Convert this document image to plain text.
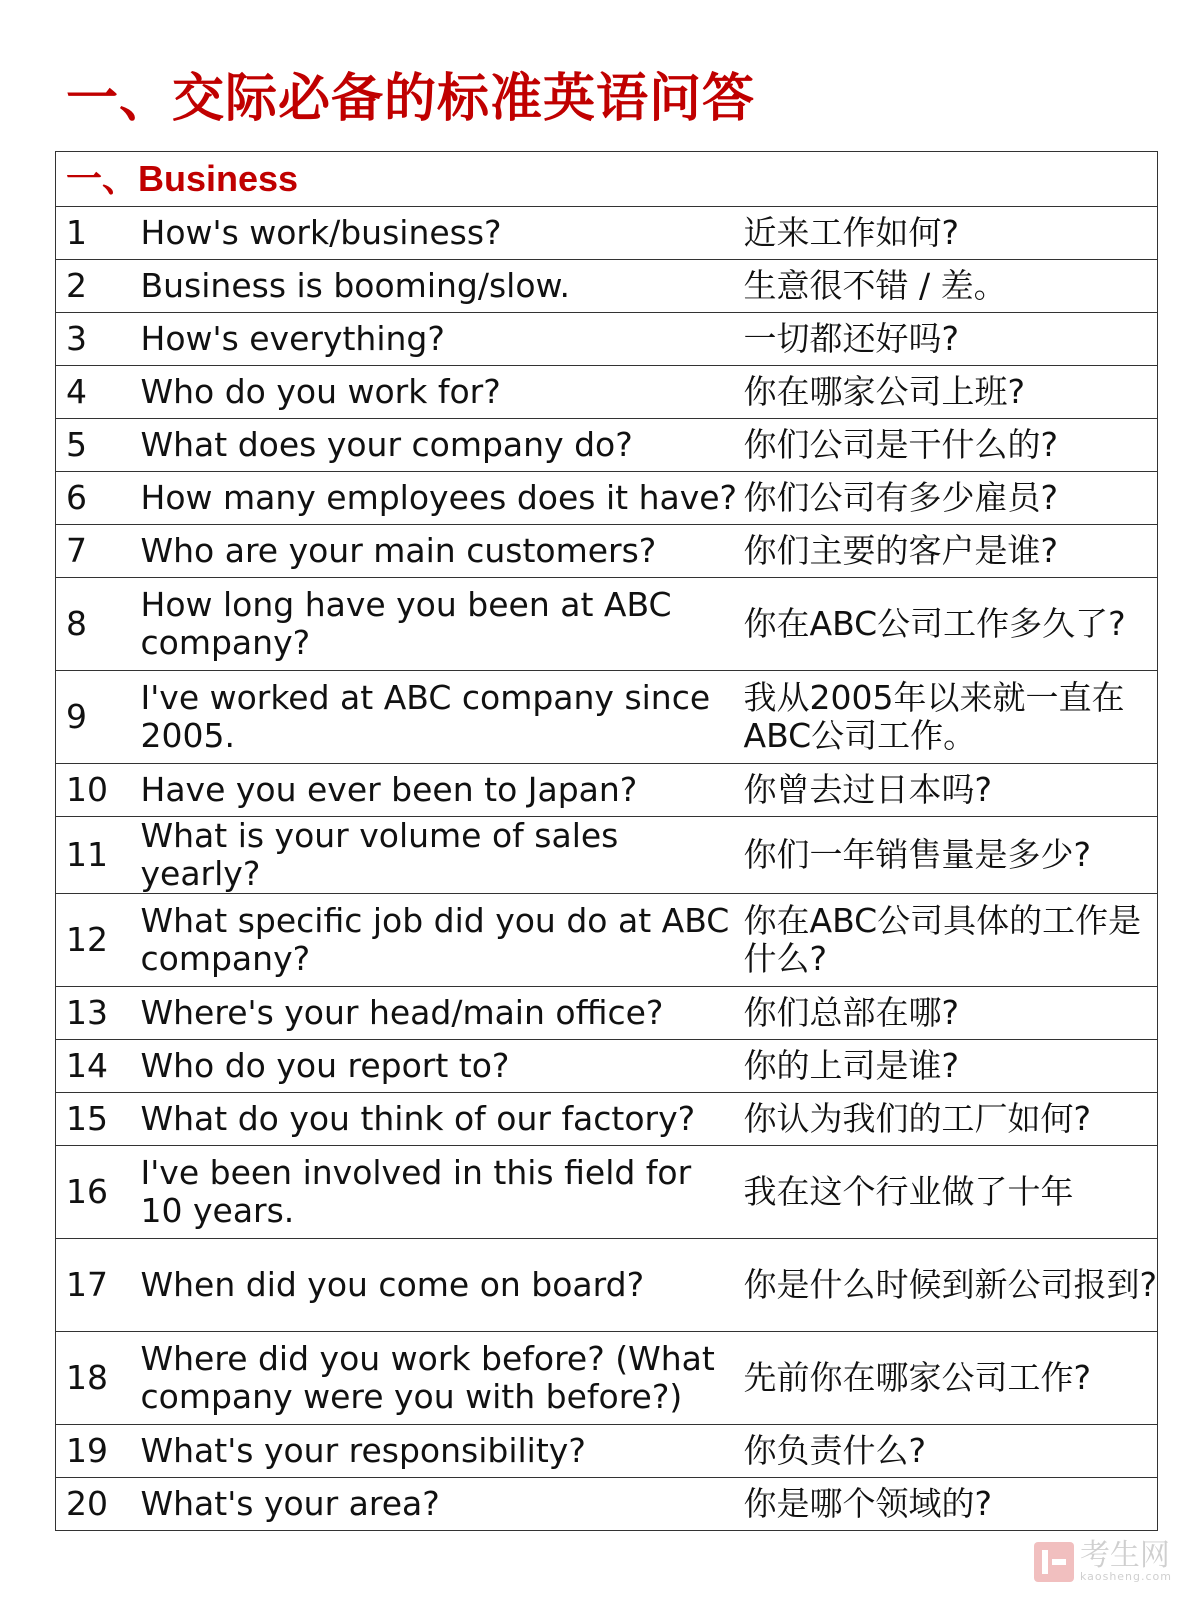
一、交际必备的标准英语问答
一、Business		
1	How's work/business?	近来工作如何?
2	Business is booming/slow.	生意很不错 / 差。
3	How's everything?	一切都还好吗?
4	Who do you work for?	你在哪家公司上班?
5	What does your company do?	你们公司是干什么的?
6	How many employees does it have?	你们公司有多少雇员?
7	Who are your main customers?	你们主要的客户是谁?
8	How long have you been at ABC company?	你在ABC公司工作多久了?
9	I've worked at ABC company since 2005.	我从2005年以来就一直在ABC公司工作。
10	Have you ever been to Japan?	你曾去过日本吗?
11	What is your volume of sales yearly?	你们一年销售量是多少?
12	What specific job did you do at ABC company?	你在ABC公司具体的工作是什么?
13	Where's your head/main office?	你们总部在哪?
14	Who do you report to?	你的上司是谁?
15	What do you think of our factory?	你认为我们的工厂如何?
16	I've been involved in this field for 10 years.	我在这个行业做了十年
17	When did you come on board?	你是什么时候到新公司报到?
18	Where did you work before? (What company were you with before?)	先前你在哪家公司工作?
19	What's your responsibility?	你负责什么?
20	What's your area?	你是哪个领域的?
考生网
kaosheng.com
